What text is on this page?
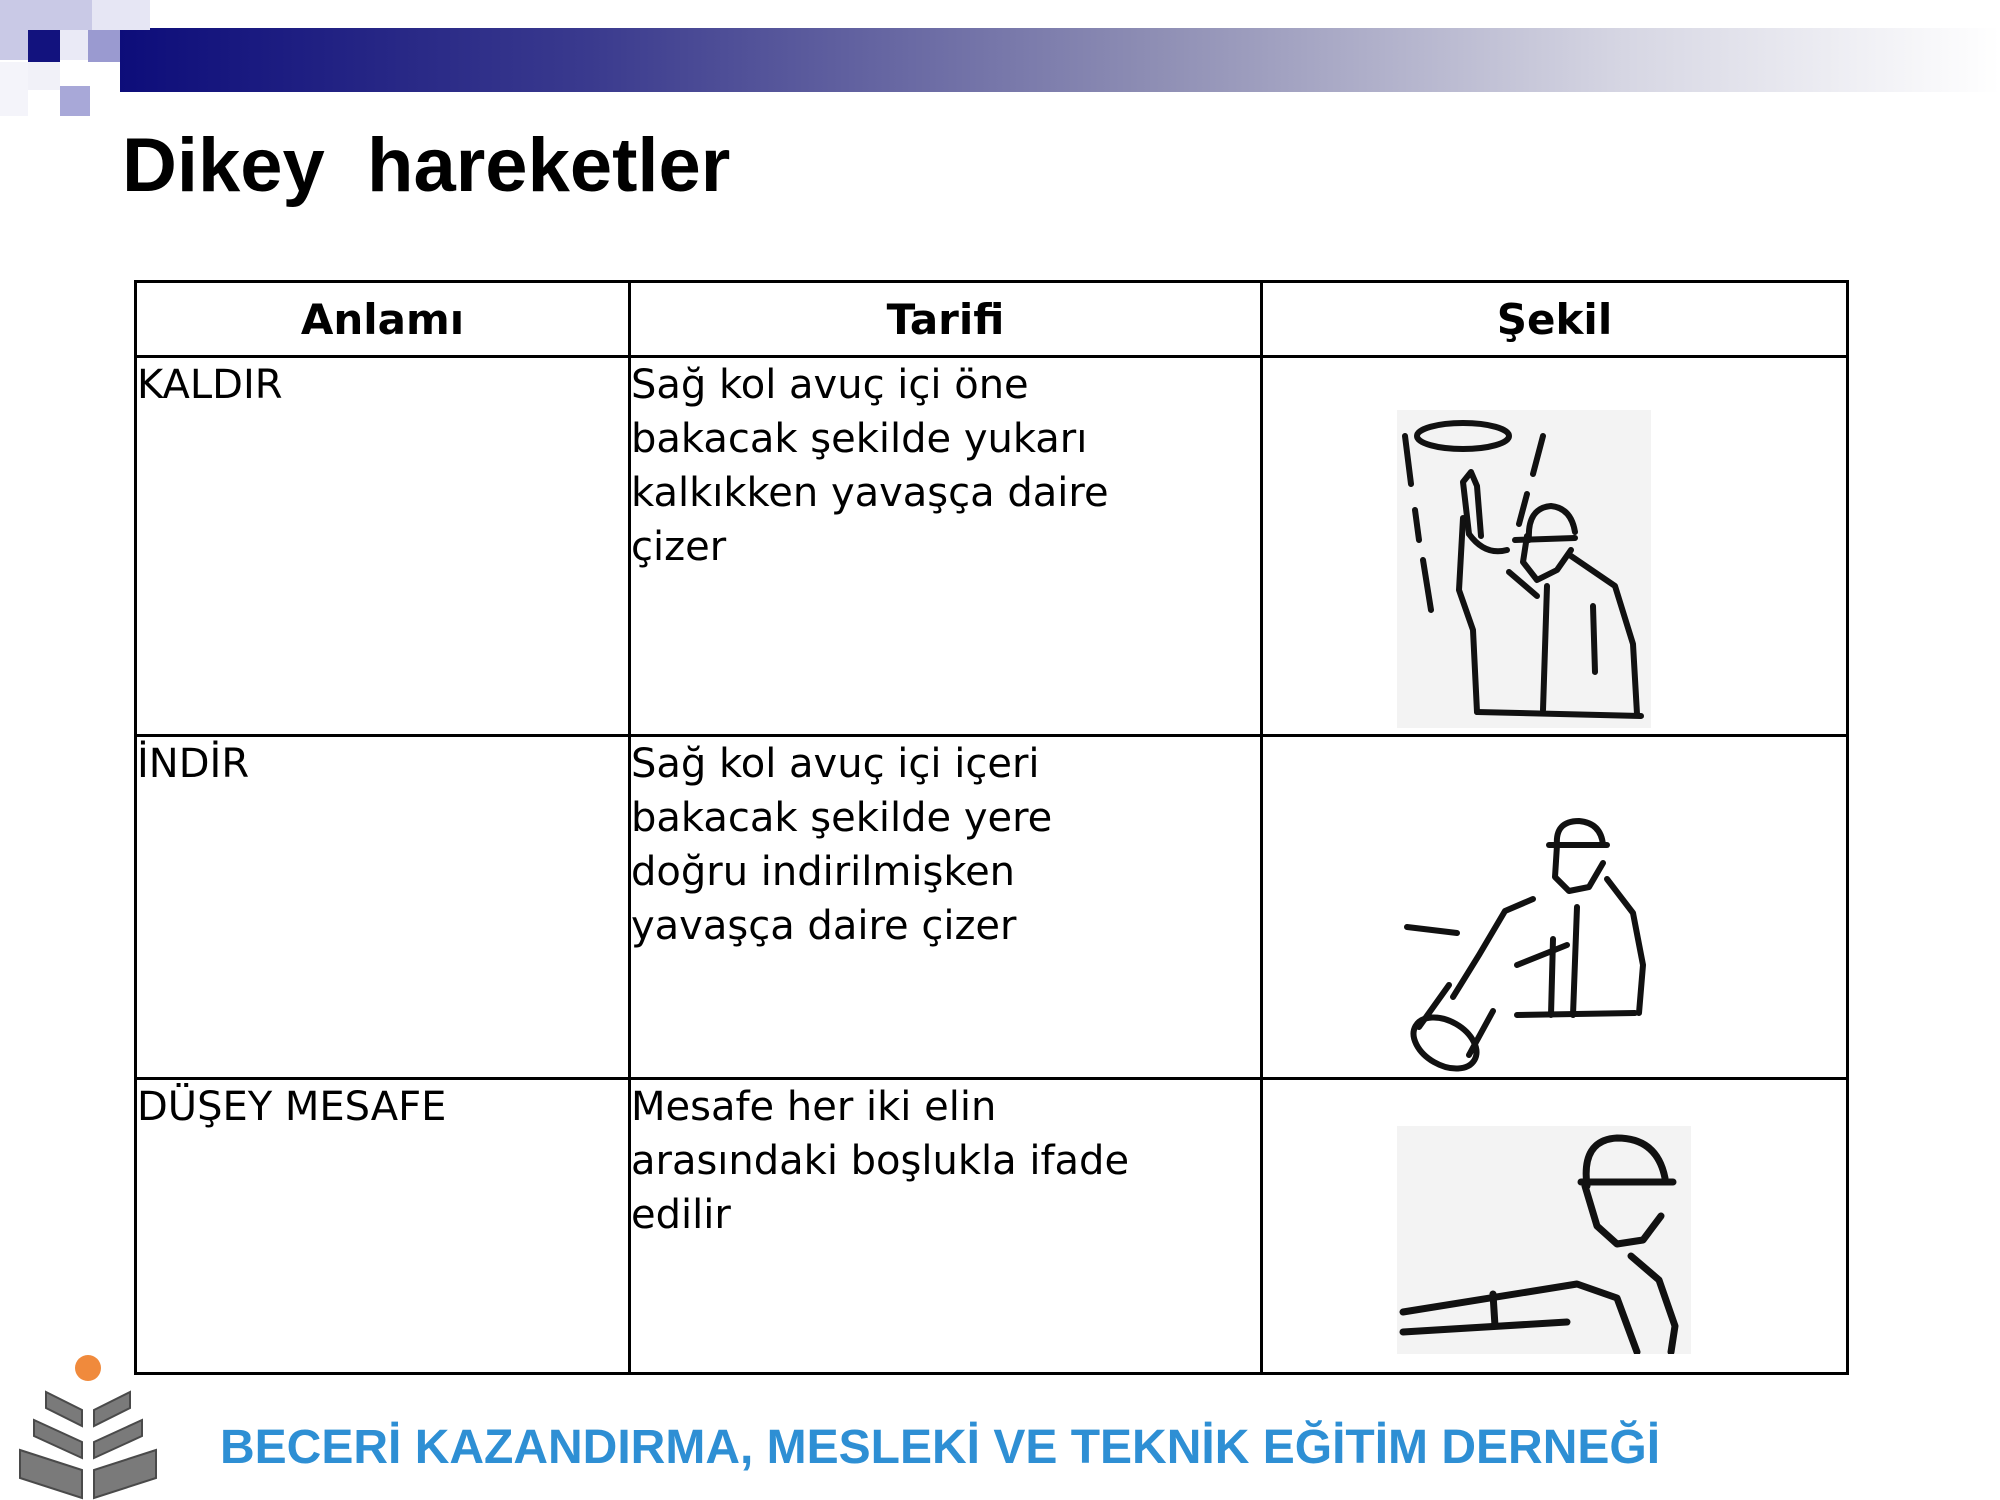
Dikey  hareketler
Anlamı	Tarifi	Şekil
KALDIR	Sağ kol avuç içi öne
bakacak şekilde yukarı
kalkıkken yavaşça daire
çizer

İNDİR	Sağ kol avuç içi içeri
bakacak şekilde yere
doğru indirilmişken
yavaşça daire çizer

DÜŞEY MESAFE	Mesafe her iki elin
arasındaki boşlukla ifade
edilir

BECERİ KAZANDIRMA, MESLEKİ VE TEKNİK EĞİTİM DERNEĞİ
